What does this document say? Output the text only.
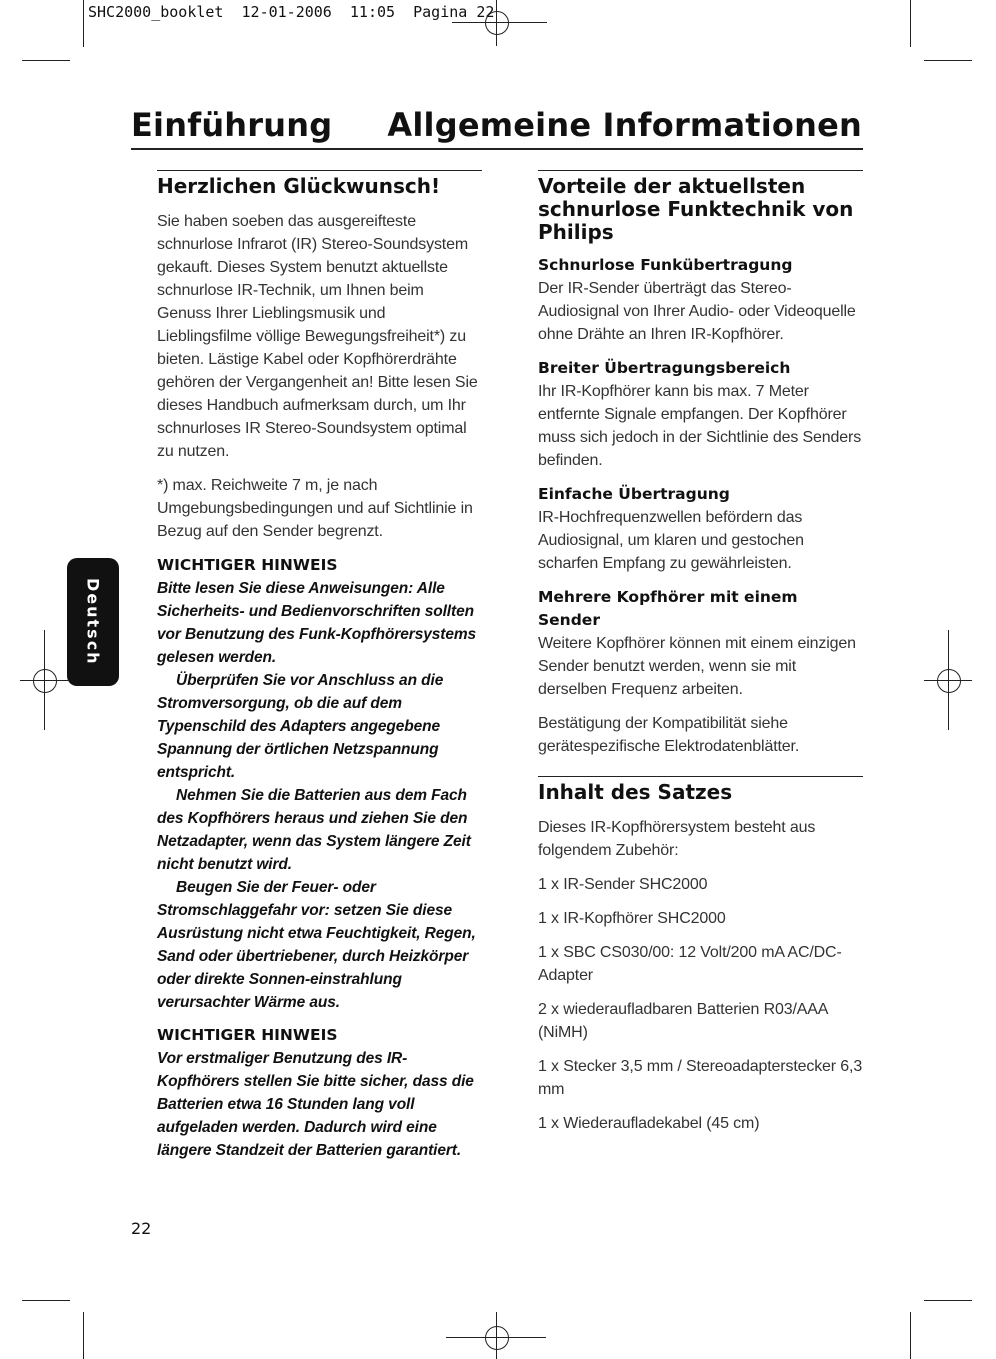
SHC2000_booklet  12-01-2006  11:05  Pagina 22
Einführung Allgemeine Informationen
Deutsch
Herzlichen Glückwunsch!

Sie haben soeben das ausgereifteste schnurlose Infrarot (IR) Stereo-Soundsystem gekauft. Dieses System benutzt aktuellste schnurlose IR-Technik, um Ihnen beim Genuss Ihrer Lieblingsmusik und Lieblingsfilme völlige Bewegungsfreiheit*) zu bieten. Lästige Kabel oder Kopfhörerdrähte gehören der Vergangenheit an! Bitte lesen Sie dieses Handbuch aufmerksam durch, um Ihr schnurloses IR Stereo-Soundsystem optimal zu nutzen.

*) max. Reichweite 7 m, je nach Umgebungsbedingungen und auf Sichtlinie in Bezug auf den Sender begrenzt.

WICHTIGER HINWEIS

Bitte lesen Sie diese Anweisungen: Alle Sicherheits- und Bedienvorschriften sollten vor Benutzung des Funk-Kopfhörersystems gelesen werden.

Überprüfen Sie vor Anschluss an die Stromversorgung, ob die auf dem Typenschild des Adapters angegebene Spannung der örtlichen Netzspannung entspricht.

Nehmen Sie die Batterien aus dem Fach des Kopfhörers heraus und ziehen Sie den Netzadapter, wenn das System längere Zeit nicht benutzt wird.

Beugen Sie der Feuer- oder Stromschlaggefahr vor: setzen Sie diese Ausrüstung nicht etwa Feuchtigkeit, Regen, Sand oder übertriebener, durch Heizkörper oder direkte Sonnen-einstrahlung verursachter Wärme aus.

WICHTIGER HINWEIS

Vor erstmaliger Benutzung des IR-Kopfhörers stellen Sie bitte sicher, dass die Batterien etwa 16 Stunden lang voll aufgeladen werden. Dadurch wird eine längere Standzeit der Batterien garantiert.

Vorteile der aktuellsten schnurlose Funktechnik von Philips
Schnurlose Funkübertragung

Der IR-Sender überträgt das Stereo-Audiosignal von Ihrer Audio- oder Videoquelle ohne Drähte an Ihren IR-Kopfhörer.

Breiter Übertragungsbereich

Ihr IR-Kopfhörer kann bis max. 7 Meter entfernte Signale empfangen. Der Kopfhörer muss sich jedoch in der Sichtlinie des Senders befinden.

Einfache Übertragung

IR-Hochfrequenzwellen befördern das Audiosignal, um klaren und gestochen scharfen Empfang zu gewährleisten.

Mehrere Kopfhörer mit einem Sender

Weitere Kopfhörer können mit einem einzigen Sender benutzt werden, wenn sie mit derselben Frequenz arbeiten.

Bestätigung der Kompatibilität siehe gerätespezifische Elektrodatenblätter.

Inhalt des Satzes

Dieses IR-Kopfhörersystem besteht aus folgendem Zubehör:

1 x IR-Sender SHC2000

1 x IR-Kopfhörer SHC2000

1 x SBC CS030/00: 12 Volt/200 mA AC/DC-Adapter

2 x wiederaufladbaren Batterien R03/AAA (NiMH)

1 x Stecker 3,5 mm / Stereoadapterstecker 6,3 mm

1 x Wiederaufladekabel (45 cm)

22
